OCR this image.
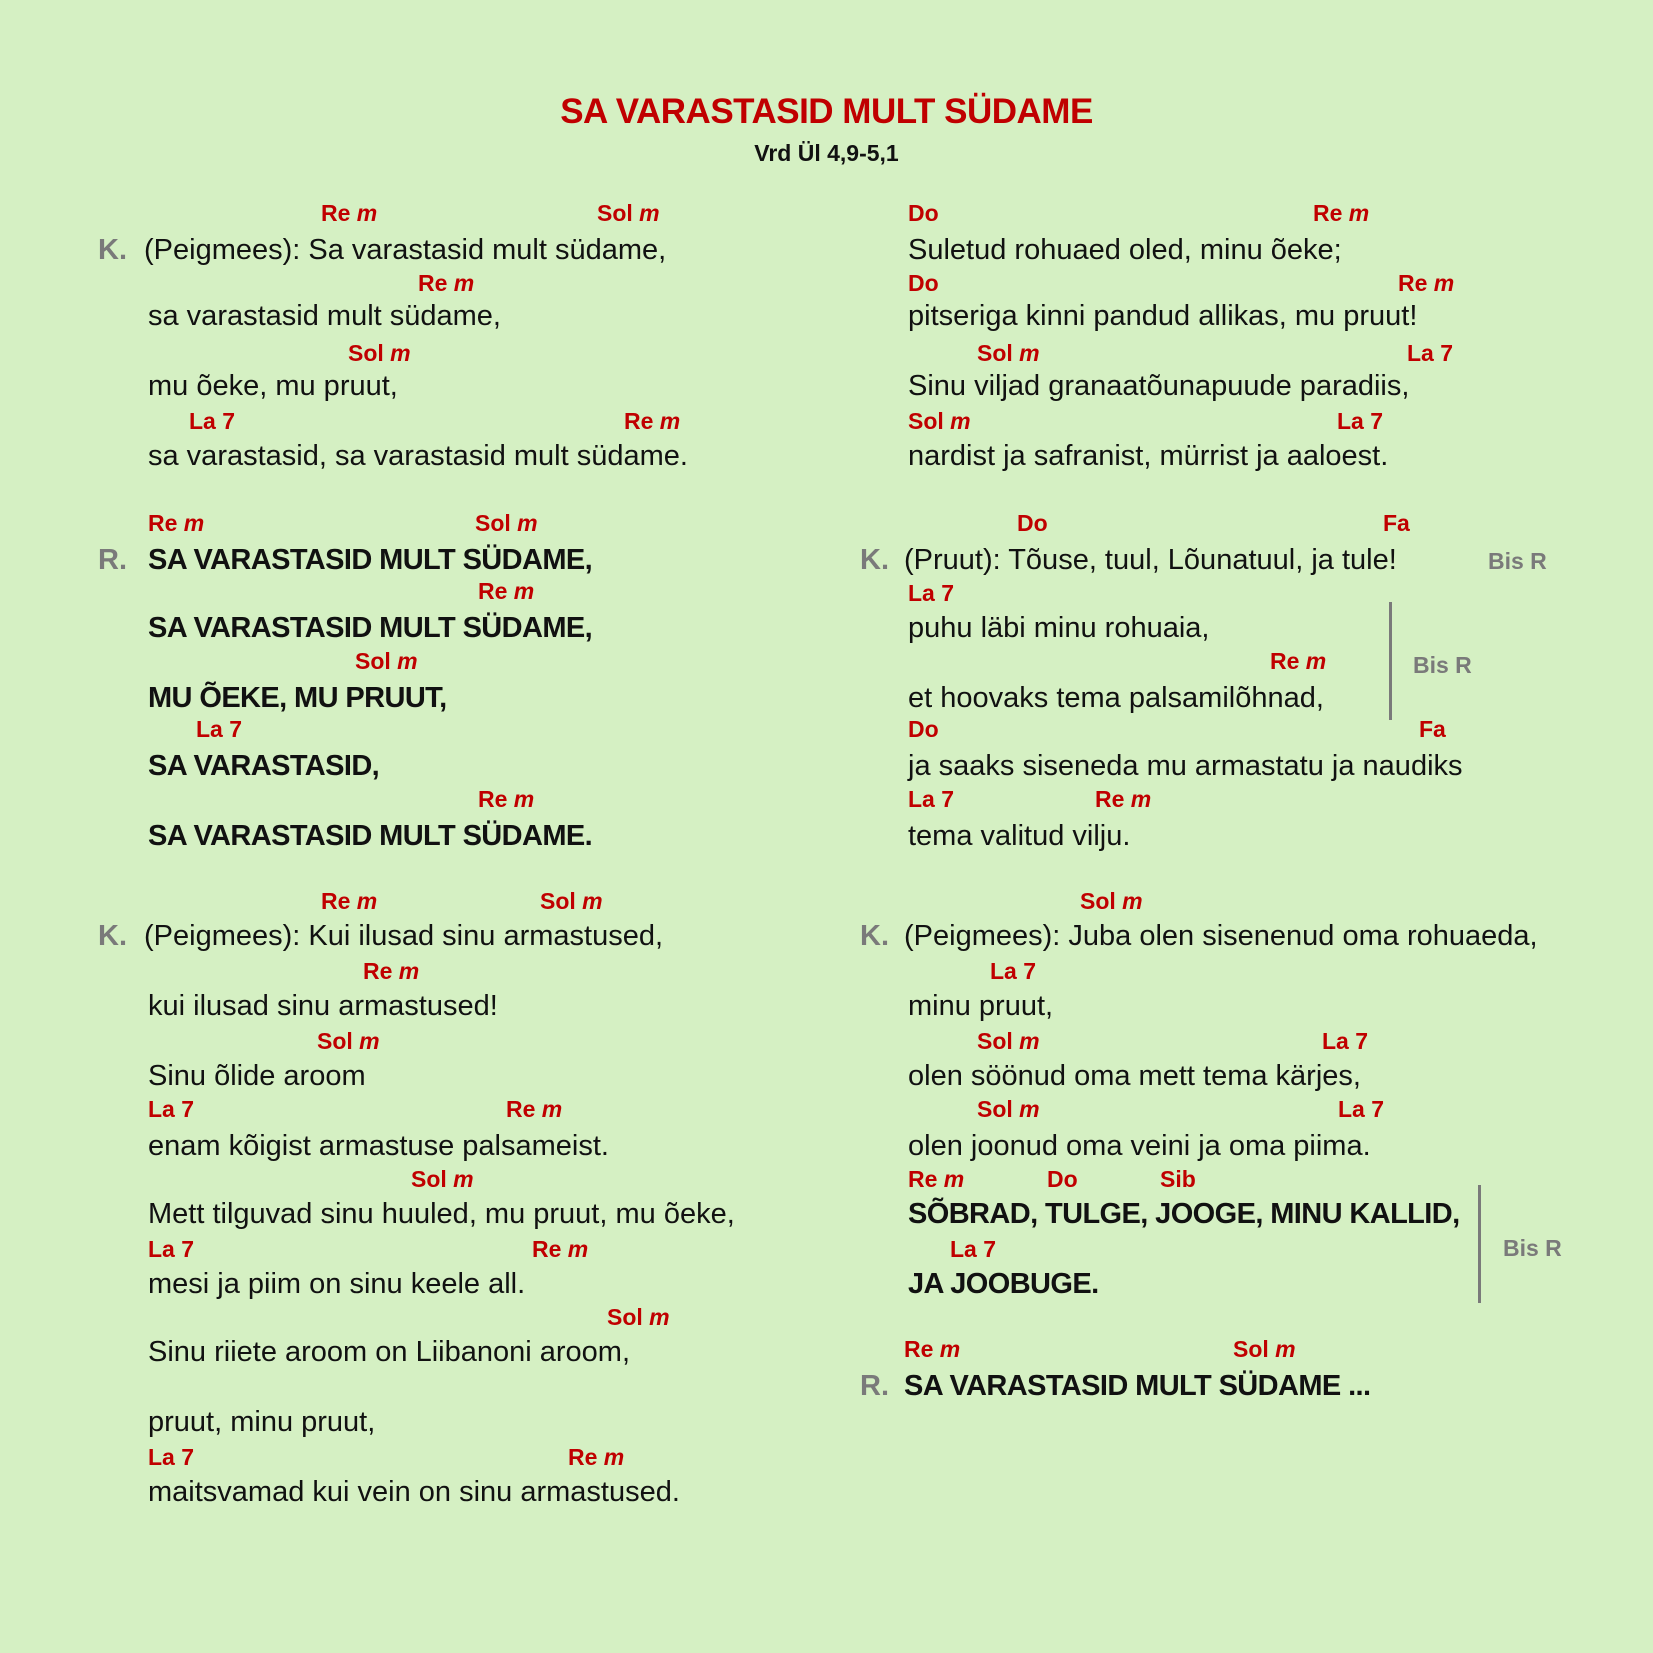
SA VARASTASID MULT SÜDAME
Vrd Ül 4,9-5,1
Re m	Sol m
K. (Peigmees): Sa varastasid mult südame,
Re m
sa varastasid mult südame,
Sol m
mu õeke, mu pruut,
La 7	Re m
sa varastasid, sa varastasid mult südame.
Re m	Sol m
R. SA VARASTASID MULT SÜDAME,
Re m
SA VARASTASID MULT SÜDAME,
Sol m
MU ÕEKE, MU PRUUT,
La 7
SA VARASTASID,
Re m
SA VARASTASID MULT SÜDAME.
Re m	Sol m
K. (Peigmees): Kui ilusad sinu armastused,
Re m
kui ilusad sinu armastused!
Sol m
Sinu õlide aroom
La 7	Re m
enam kõigist armastuse palsameist.
Sol m
Mett tilguvad sinu huuled, mu pruut, mu õeke,
La 7	Re m
mesi ja piim on sinu keele all.
Sol m
Sinu riiete aroom on Liibanoni aroom,
pruut, minu pruut,
La 7	Re m
maitsvamad kui vein on sinu armastused.
Do	Re m
Suletud rohuaed oled, minu õeke;
Do	Re m
pitseriga kinni pandud allikas, mu pruut!
Sol m	La 7
Sinu viljad granaatõunapuude paradiis,
Sol m	La 7
nardist ja safranist, mürrist ja aaloest.
Do	Fa
K. (Pruut): Tõuse, tuul, Lõunatuul, ja tule!	Bis R
La 7
puhu läbi minu rohuaia,
Re m
et hoovaks tema palsamilõhnad,
Bis R
Do	Fa
ja saaks siseneda mu armastatu ja naudiks
La 7	Re m
tema valitud vilju.
Sol m
K. (Peigmees): Juba olen sisenenud oma rohuaeda,
La 7
minu pruut,
Sol m	La 7
olen söönud oma mett tema kärjes,
Sol m	La 7
olen joonud oma veini ja oma piima.
Re m	Do	Sib
SÕBRAD, TULGE, JOOGE, MINU KALLID,
La 7
JA JOOBUGE.
Bis R
Re m	Sol m
R. SA VARASTASID MULT SÜDAME ...
